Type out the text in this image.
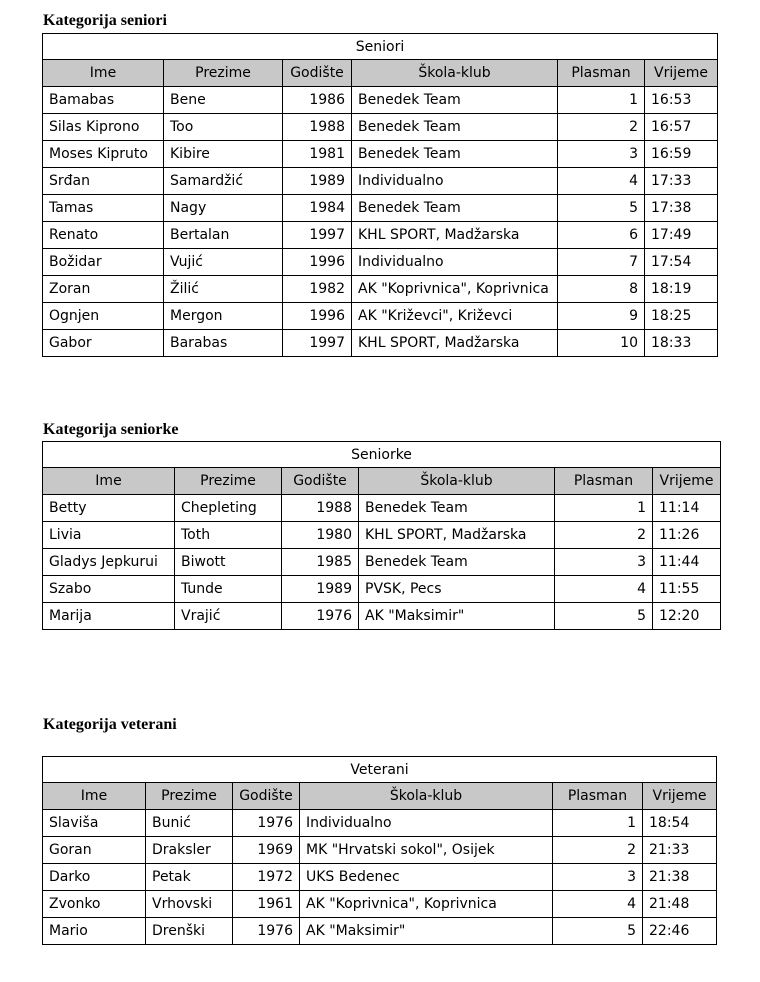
Kategorija seniori
Seniori					
Ime	Prezime	Godište	Škola-klub	Plasman	Vrijeme
Bamabas	Bene	1986	Benedek Team	1	16:53
Silas Kiprono	Too	1988	Benedek Team	2	16:57
Moses Kipruto	Kibire	1981	Benedek Team	3	16:59
Srđan	Samardžić	1989	Individualno	4	17:33
Tamas	Nagy	1984	Benedek Team	5	17:38
Renato	Bertalan	1997	KHL SPORT, Madžarska	6	17:49
Božidar	Vujić	1996	Individualno	7	17:54
Zoran	Žilić	1982	AK "Koprivnica", Koprivnica	8	18:19
Ognjen	Mergon	1996	AK "Križevci", Križevci	9	18:25
Gabor	Barabas	1997	KHL SPORT, Madžarska	10	18:33
Kategorija seniorke
Seniorke					
Ime	Prezime	Godište	Škola-klub	Plasman	Vrijeme
Betty	Chepleting	1988	Benedek Team	1	11:14
Livia	Toth	1980	KHL SPORT, Madžarska	2	11:26
Gladys Jepkurui	Biwott	1985	Benedek Team	3	11:44
Szabo	Tunde	1989	PVSK, Pecs	4	11:55
Marija	Vrajić	1976	AK "Maksimir"	5	12:20
Kategorija veterani
Veterani					
Ime	Prezime	Godište	Škola-klub	Plasman	Vrijeme
Slaviša	Bunić	1976	Individualno	1	18:54
Goran	Draksler	1969	MK "Hrvatski sokol", Osijek	2	21:33
Darko	Petak	1972	UKS Bedenec	3	21:38
Zvonko	Vrhovski	1961	AK "Koprivnica", Koprivnica	4	21:48
Mario	Drenški	1976	AK "Maksimir"	5	22:46
